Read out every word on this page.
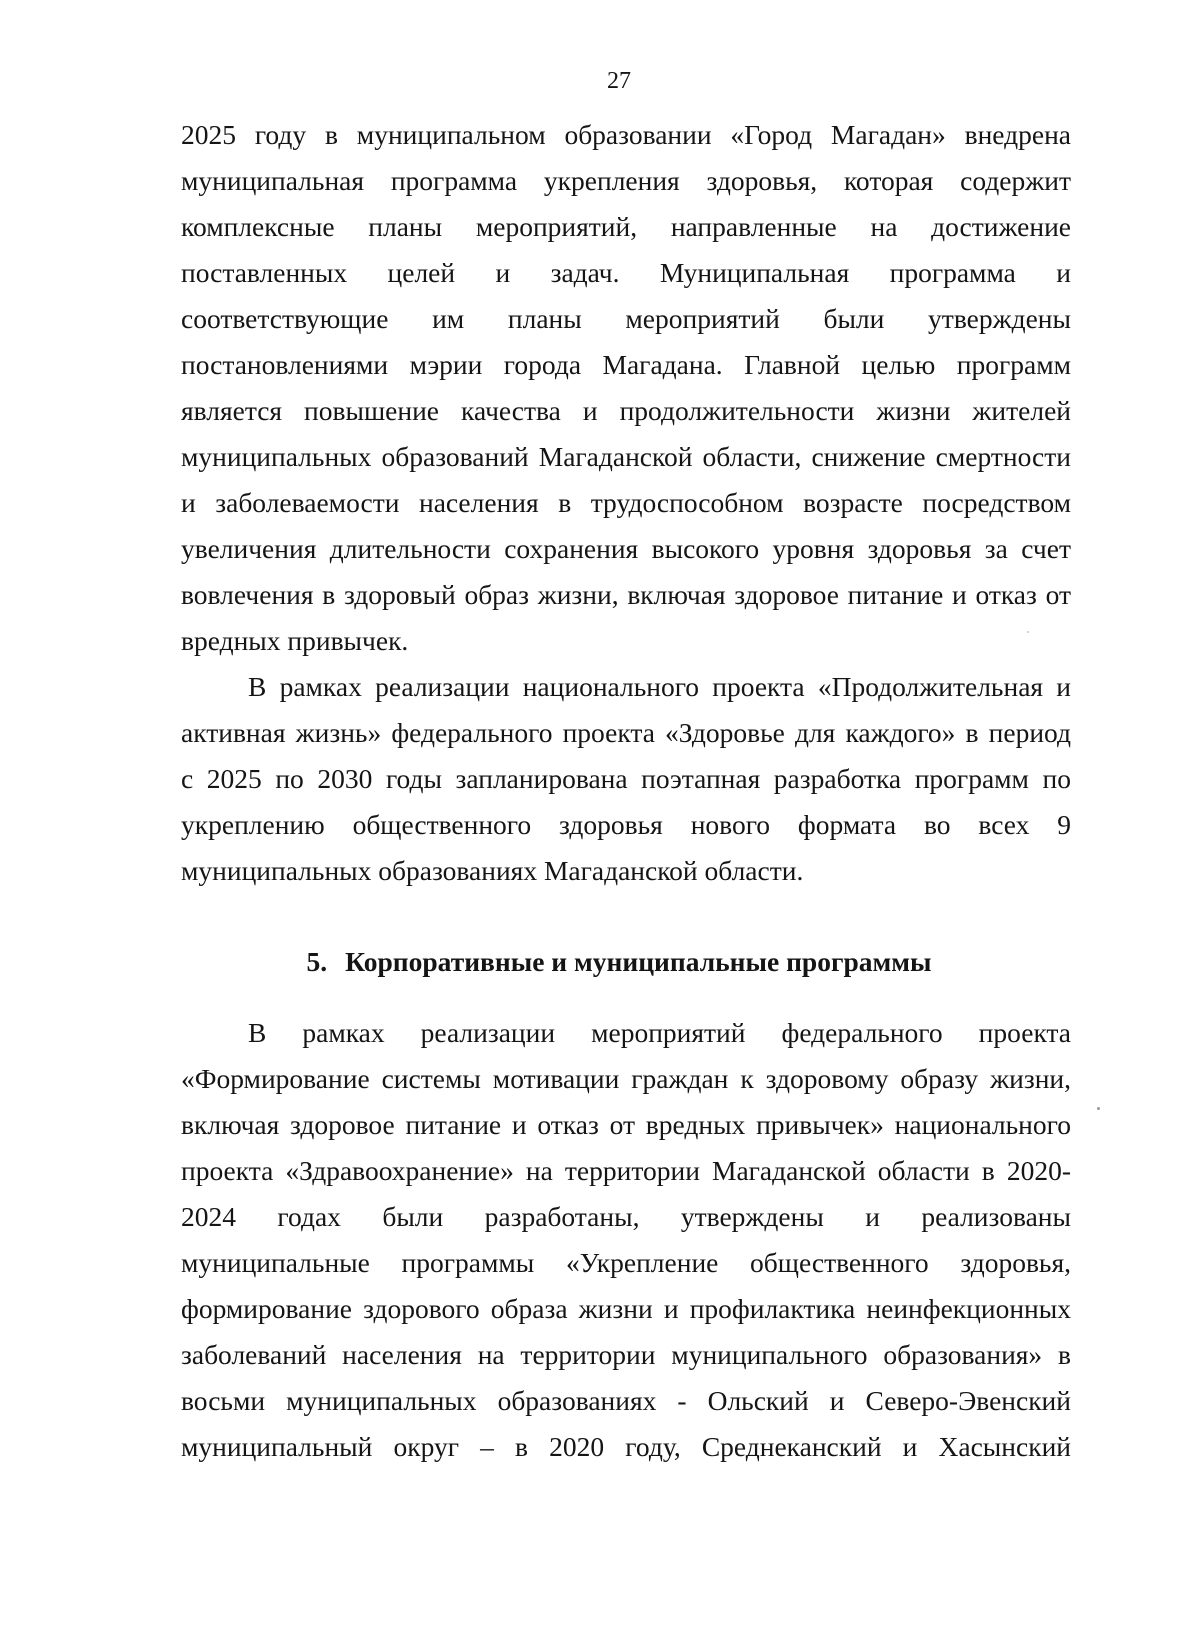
27
2025 году в муниципальном образовании «Город Магадан» внедрена
муниципальная программа укрепления здоровья, которая содержит
комплексные планы мероприятий, направленные на достижение
поставленных целей и задач. Муниципальная программа и
соответствующие им планы мероприятий были утверждены
постановлениями мэрии города Магадана. Главной целью программ
является повышение качества и продолжительности жизни жителей
муниципальных образований Магаданской области, снижение смертности
и заболеваемости населения в трудоспособном возрасте посредством
увеличения длительности сохранения высокого уровня здоровья за счет
вовлечения в здоровый образ жизни, включая здоровое питание и отказ от
вредных привычек.
В рамках реализации национального проекта «Продолжительная и
активная жизнь» федерального проекта «Здоровье для каждого» в период
с 2025 по 2030 годы запланирована поэтапная разработка программ по
укреплению общественного здоровья нового формата во всех 9
муниципальных образованиях Магаданской области.
5. Корпоративные и муниципальные программы
В рамках реализации мероприятий федерального проекта
«Формирование системы мотивации граждан к здоровому образу жизни,
включая здоровое питание и отказ от вредных привычек» национального
проекта «Здравоохранение» на территории Магаданской области в 2020-
2024 годах были разработаны, утверждены и реализованы
муниципальные программы «Укрепление общественного здоровья,
формирование здорового образа жизни и профилактика неинфекционных
заболеваний населения на территории муниципального образования» в
восьми муниципальных образованиях - Ольский и Северо-Эвенский
муниципальный округ – в 2020 году, Среднеканский и Хасынский
